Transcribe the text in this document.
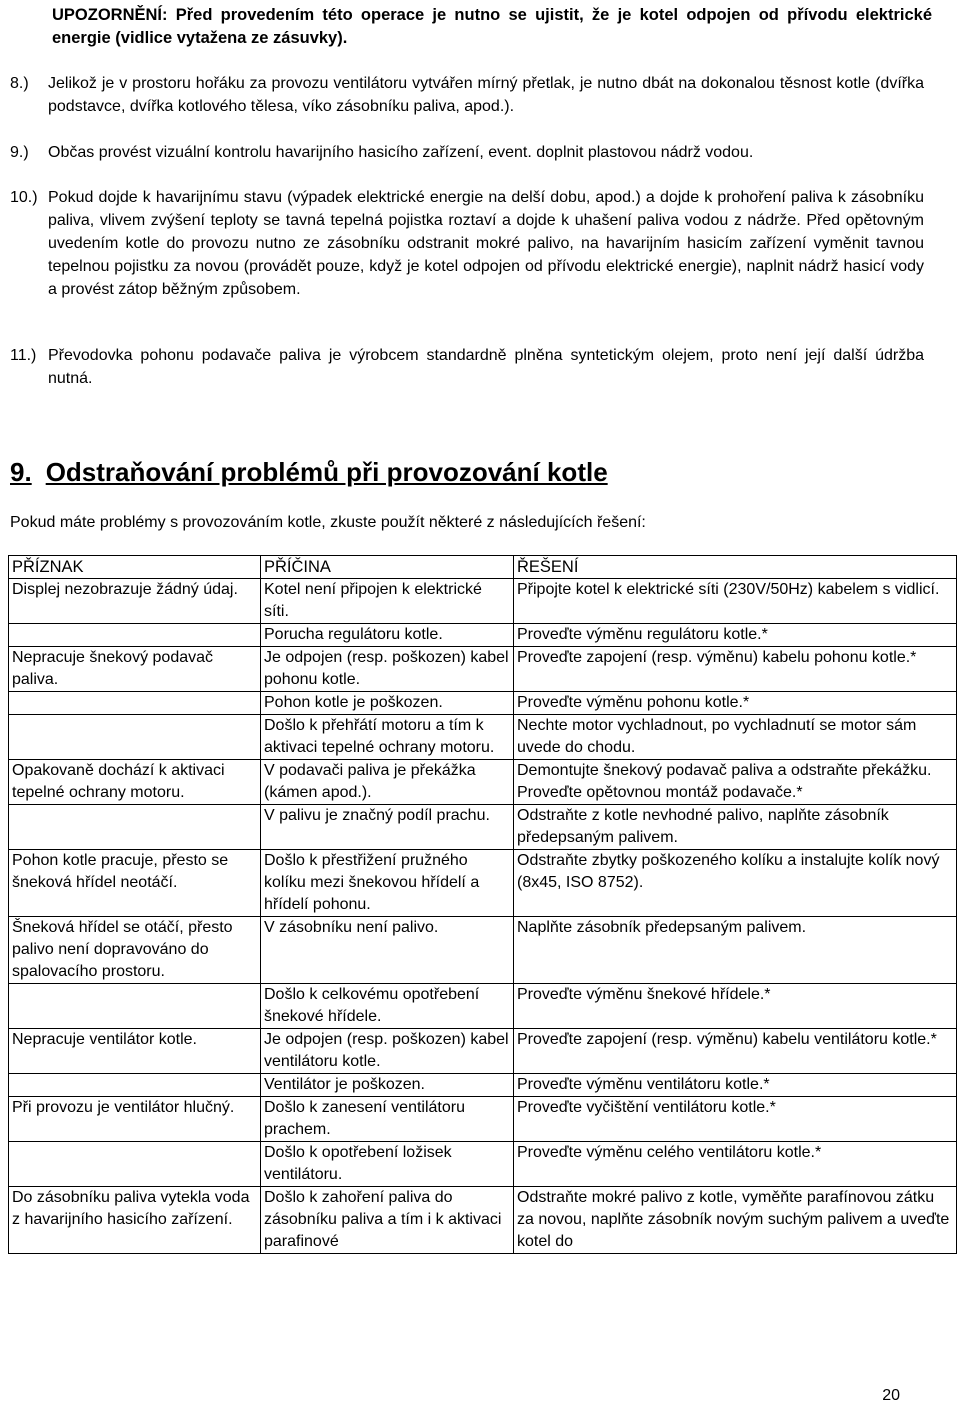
UPOZORNĚNÍ: Před provedením této operace je nutno se ujistit, že je kotel odpojen od přívodu elektrické energie (vidlice vytažena ze zásuvky).
8.) Jelikož je v prostoru hořáku za provozu ventilátoru vytvářen mírný přetlak, je nutno dbát na dokonalou těsnost kotle (dvířka podstavce, dvířka kotlového tělesa, víko zásobníku paliva, apod.).
9.) Občas provést vizuální kontrolu havarijního hasicího zařízení, event. doplnit plastovou nádrž vodou.
10.) Pokud dojde k havarijnímu stavu (výpadek elektrické energie na delší dobu, apod.) a dojde k prohoření paliva k zásobníku paliva, vlivem zvýšení teploty se tavná tepelná pojistka roztaví a dojde k uhašení paliva vodou z nádrže. Před opětovným uvedením kotle do provozu nutno ze zásobníku odstranit mokré palivo, na havarijním hasicím zařízení vyměnit tavnou tepelnou pojistku za novou (provádět pouze, když je kotel odpojen od přívodu elektrické energie), naplnit nádrž hasicí vody a provést zátop běžným způsobem.
11.) Převodovka pohonu podavače paliva je výrobcem standardně plněna syntetickým olejem, proto není její další údržba nutná.
9. Odstraňování problémů při provozování kotle
Pokud máte problémy s provozováním kotle, zkuste použít některé z následujících řešení:
PŘÍZNAK	PŘÍČINA	ŘEŠENÍ
Displej nezobrazuje žádný údaj.	Kotel není připojen k elektrické síti.	Připojte kotel k elektrické síti (230V/50Hz) kabelem s vidlicí.
	Porucha regulátoru kotle.	Proveďte výměnu regulátoru kotle.*
Nepracuje šnekový podavač paliva.	Je odpojen (resp. poškozen) kabel pohonu kotle.	Proveďte zapojení (resp. výměnu) kabelu pohonu kotle.*
	Pohon kotle je poškozen.	Proveďte výměnu pohonu kotle.*
	Došlo k přehřátí motoru a tím k aktivaci tepelné ochrany motoru.	Nechte motor vychladnout, po vychladnutí se motor sám uvede do chodu.
Opakovaně dochází k aktivaci tepelné ochrany motoru.	V podavači paliva je překážka (kámen apod.).	Demontujte šnekový podavač paliva a odstraňte překážku. Proveďte opětovnou montáž podavače.*
	V palivu je značný podíl prachu.	Odstraňte z kotle nevhodné palivo, naplňte zásobník předepsaným palivem.
Pohon kotle pracuje, přesto se šneková hřídel neotáčí.	Došlo k přestřižení pružného kolíku mezi šnekovou hřídelí a hřídelí pohonu.	Odstraňte zbytky poškozeného kolíku a instalujte kolík nový (8x45, ISO 8752).
Šneková hřídel se otáčí, přesto palivo není dopravováno do spalovacího prostoru.	V zásobníku není palivo.	Naplňte zásobník předepsaným palivem.
	Došlo k celkovému opotřebení šnekové hřídele.	Proveďte výměnu šnekové hřídele.*
Nepracuje ventilátor kotle.	Je odpojen (resp. poškozen) kabel ventilátoru kotle.	Proveďte zapojení (resp. výměnu) kabelu ventilátoru kotle.*
	Ventilátor je poškozen.	Proveďte výměnu ventilátoru kotle.*
Při provozu je ventilátor hlučný.	Došlo k zanesení ventilátoru prachem.	Proveďte vyčištění ventilátoru kotle.*
	Došlo k opotřebení ložisek ventilátoru.	Proveďte výměnu celého ventilátoru kotle.*
Do zásobníku paliva vytekla voda z havarijního hasicího zařízení.	Došlo k zahoření paliva do zásobníku paliva a tím i k aktivaci parafinové	Odstraňte mokré palivo z kotle, vyměňte parafínovou zátku za novou, naplňte zásobník novým suchým palivem a uveďte kotel do
20
